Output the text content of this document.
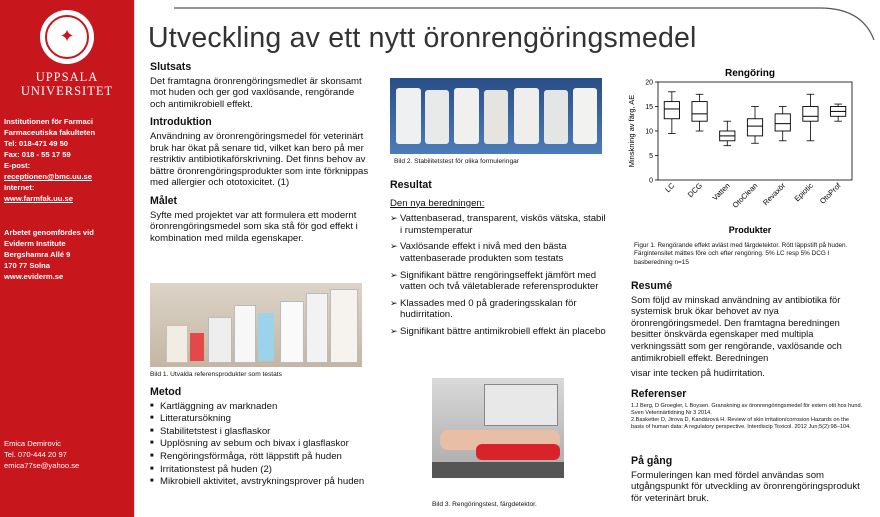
✦
UPPSALA UNIVERSITET
Institutionen för Farmaci
Farmaceutiska fakulteten
Tel: 018-471 49 50
Fax: 018 - 55 17 59
E-post:
receptionen@bmc.uu.se
Internet:
www.farmfak.uu.se
Arbetet genomfördes vid
Eviderm Institute
Bergshamra Allé 9
170 77 Solna
www.eviderm.se
Emica Demirovic
Tel. 070-444 20 97
emica77se@yahoo.se
Utveckling av ett nytt öronrengöringsmedel
Slutsats

Det framtagna öronrengöringsmedlet är skonsamt mot huden och ger god vaxlösande, rengörande och antimikrobiell effekt.

Introduktion

Användning av öronrengöringsmedel för veterinärt bruk har ökat på senare tid, vilket kan bero på mer restriktiv antibiotikaförskrivning. Det finns behov av bättre öronrengöringsprodukter som inte förknippas med allergier och ototoxicitet. (1)

Målet

Syfte med projektet var att formulera ett modernt öronrengöringsmedel som ska stå för god effekt i kombination med milda egenskaper.

Bild 1. Utvalda referensprodukter som testats
Metod
■ Kartläggning av marknaden
■ Litteratursökning
■ Stabilitetstest i glasflaskor
■ Upplösning av sebum och bivax i glasflaskor
■ Rengöringsförmåga, rött läppstift på huden
■ Irritationstest på huden (2)
■ Mikrobiell aktivitet, avstrykningsprover på huden
Bild 2. Stabilitetstest för olika formuleringar
Resultat

Den nya beredningen:

➢ Vattenbaserad, transparent, viskös vätska, stabil i rumstemperatur
➢ Vaxlösande effekt i nivå med den bästa vattenbaserade produkten som testats
➢ Signifikant bättre rengöringseffekt jämfört med vatten och två väletablerade referensprodukter
➢ Klassades med 0 på graderingsskalan för hudirritation.
➢ Signifikant bättre antimikrobiell effekt än placebo
Bild 3. Rengöringstest, färgdetektor.
Rengöring
Minskning av färg, AE
Produkter
0
5
10
15
20
LC DCG Vatten
OtoClean Revaxör Epiotic OtoProf
Figur 1. Rengörande effekt avläst med färgdetektor. Rött läppstift på huden. Färgintensitet mättes före och efter rengöring. 5% LC resp 5% DCG I basberedning n=15
Resumé

Som följd av minskad användning av antibiotika för systemisk bruk ökar behovet av nya öronrengöringsmedel. Den framtagna beredningen besitter önskvärda egenskaper med multipla verkningssätt som ger rengörande, vaxlösande och antimikrobiell effekt. Beredningen

visar inte tecken på hudirritation.

Referenser

1.J Berg, D Groegler, L Boysen. Granskning av öronrengöringsmedel för extern otit hos hund. Sven Veterinärtidning Nr 3 2014.

2.Basketter D, Jirova D, Kandárová H. Review of skin irritation/corrosion Hazards on the basis of human data: A regulatory perspective. Interdiscip Toxicol. 2012 Jun;5(2):98–104.

På gång

Formuleringen kan med fördel användas som utgångspunkt för utveckling av öronrengöringsprodukt för veterinärt bruk.
